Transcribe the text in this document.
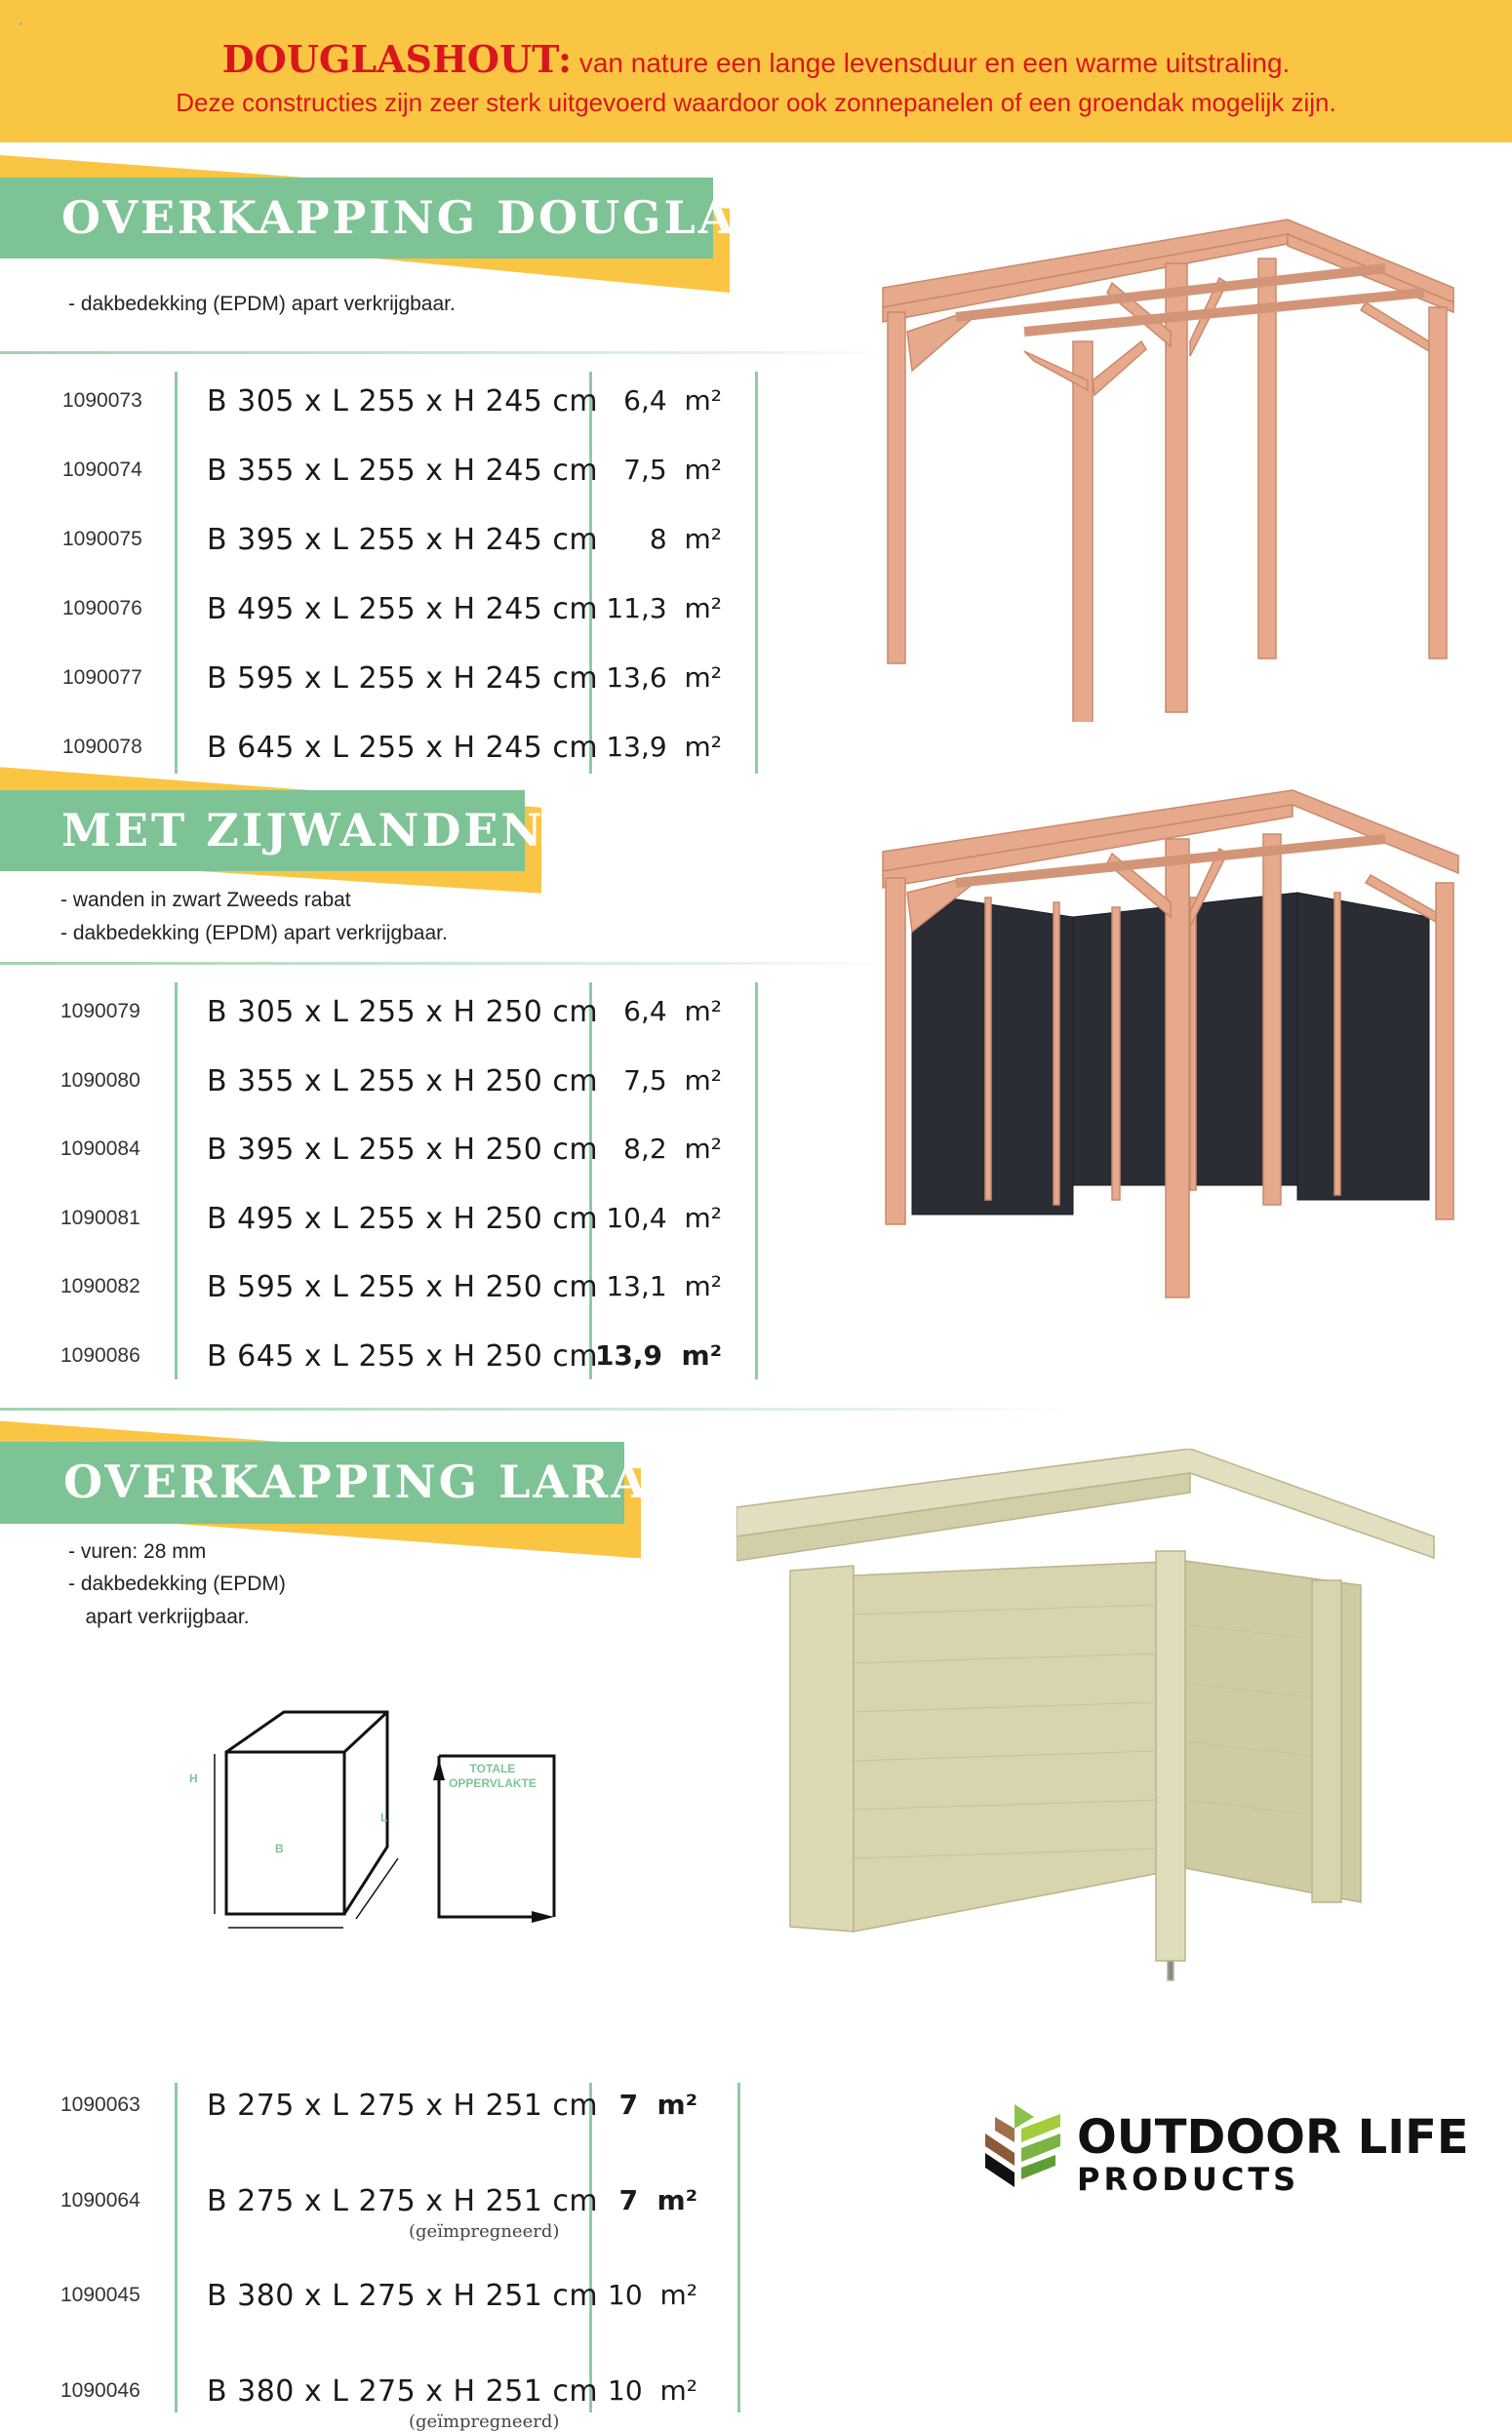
▪
DOUGLASHOUT: van nature een lange levensduur en een warme uitstraling.
Deze constructies zijn zeer sterk uitgevoerd waardoor ook zonnepanelen of een groendak mogelijk zijn.
OVERKAPPING DOUGLAS
- dakbedekking (EPDM) apart verkrijgbaar.
1090073 B 305 x L 255 x H 245 cm 6,4 m²
1090074 B 355 x L 255 x H 245 cm 7,5 m²
1090075 B 395 x L 255 x H 245 cm 8 m²
1090076 B 495 x L 255 x H 245 cm 11,3 m²
1090077 B 595 x L 255 x H 245 cm 13,6 m²
1090078 B 645 x L 255 x H 245 cm 13,9 m²
MET ZIJWANDEN
- wanden in zwart Zweeds rabat
- dakbedekking (EPDM) apart verkrijgbaar.
1090079 B 305 x L 255 x H 250 cm 6,4 m²
1090080 B 355 x L 255 x H 250 cm 7,5 m²
1090084 B 395 x L 255 x H 250 cm 8,2 m²
1090081 B 495 x L 255 x H 250 cm 10,4 m²
1090082 B 595 x L 255 x H 250 cm 13,1 m²
1090086 B 645 x L 255 x H 250 cm
13,9 m²
OVERKAPPING LARA
- vuren: 28 mm
- dakbedekking (EPDM)
apart verkrijgbaar.
1090063 B 275 x L 275 x H 251 cm 7 m²
1090064 B 275 x L 275 x H 251 cm
(geïmpregneerd)
7 m²
1090045 B 380 x L 275 x H 251 cm 10 m²
1090046 B 380 x L 275 x H 251 cm
(geïmpregneerd)
10 m²
H
B
L
TOTALE
OPPERVLAKTE
OUTDOOR LIFE
PRODUCTS
